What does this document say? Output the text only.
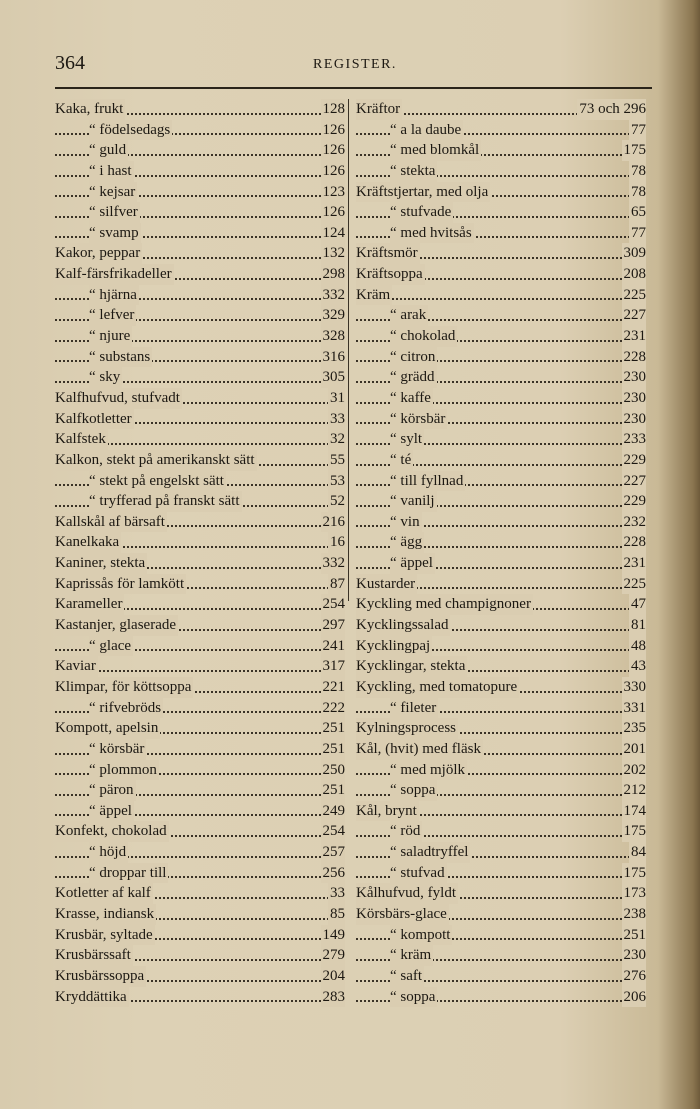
364	REGISTER.
Kaka, frukt	128
“ födelsedags	126
“ guld	126
“ i hast	126
“ kejsar	123
“ silfver	126
“ svamp	124
Kakor, peppar	132
Kalf-färsfrikadeller	298
“ hjärna	332
“ lefver	329
“ njure	328
“ substans	316
“ sky	305
Kalfhufvud, stufvadt	31
Kalfkotletter	33
Kalfstek	32
Kalkon, stekt på amerikanskt sätt	55
“ stekt på engelskt sätt	53
“ tryfferad på franskt sätt	52
Kallskål af bärsaft	216
Kanelkaka	16
Kaniner, stekta	332
Kaprissås för lamkött	87
Karameller	254
Kastanjer, glaserade	297
“ glace	241
Kaviar	317
Klimpar, för köttsoppa	221
“ rifvebröds	222
Kompott, apelsin	251
“ körsbär	251
“ plommon	250
“ päron	251
“ äppel	249
Konfekt, chokolad	254
“ höjd	257
“ droppar till	256
Kotletter af kalf	33
Krasse, indiansk	85
Krusbär, syltade	149
Krusbärssaft	279
Krusbärssoppa	204
Kryddättika	283
Kräftor	73 och 296
“ a la daube	77
“ med blomkål	175
“ stekta	78
Kräftstjertar, med olja	78
“ stufvade	65
“ med hvitsås	77
Kräftsmör	309
Kräftsoppa	208
Kräm	225
“ arak	227
“ chokolad	231
“ citron	228
“ grädd	230
“ kaffe	230
“ körsbär	230
“ sylt	233
“ té	229
“ till fyllnad	227
“ vanilj	229
“ vin	232
“ ägg	228
“ äppel	231
Kustarder	225
Kyckling med champignoner	47
Kycklingssalad	81
Kycklingpaj	48
Kycklingar, stekta	43
Kyckling, med tomatopure	330
“ fileter	331
Kylningsprocess	235
Kål, (hvit) med fläsk	201
“ med mjölk	202
“ soppa	212
Kål, brynt	174
“ röd	175
“ saladtryffel	84
“ stufvad	175
Kålhufvud, fyldt	173
Körsbärs-glace	238
“ kompott	251
“ kräm	230
“ saft	276
“ soppa	206
